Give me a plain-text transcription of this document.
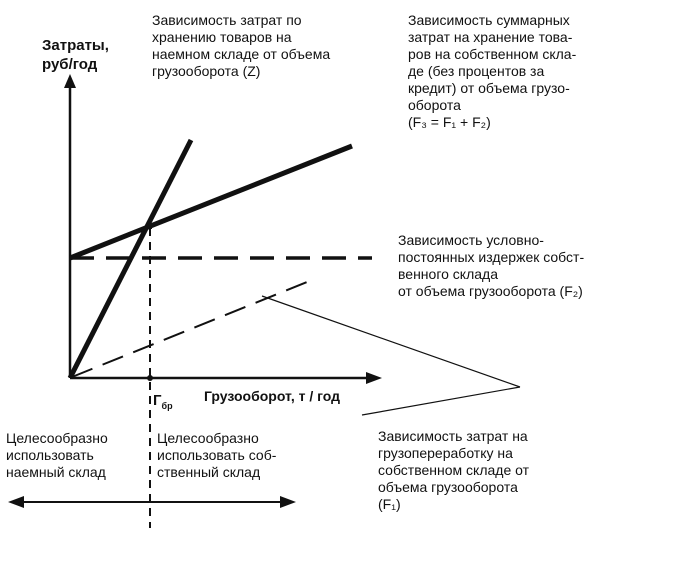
Затраты,
руб/год
Грузооборот, т / год
$Г_{бр}$
Зависимость затрат по
хранению товаров на
наемном складе от объема
грузооборота (Z)
Зависимость суммарных
затрат на хранение това-
ров на собственном скла-
де (без процентов за
кредит) от объема грузо-
оборота
(F₃ = F₁ + F₂)
Зависимость условно-
постоянных издержек собст-
венного склада
от объема грузооборота (F₂)
Зависимость затрат на
грузопереработку на
собственном складе от
объема грузооборота
(F₁)
Целесообразно
использовать
наемный склад
Целесообразно
использовать соб-
ственный склад
